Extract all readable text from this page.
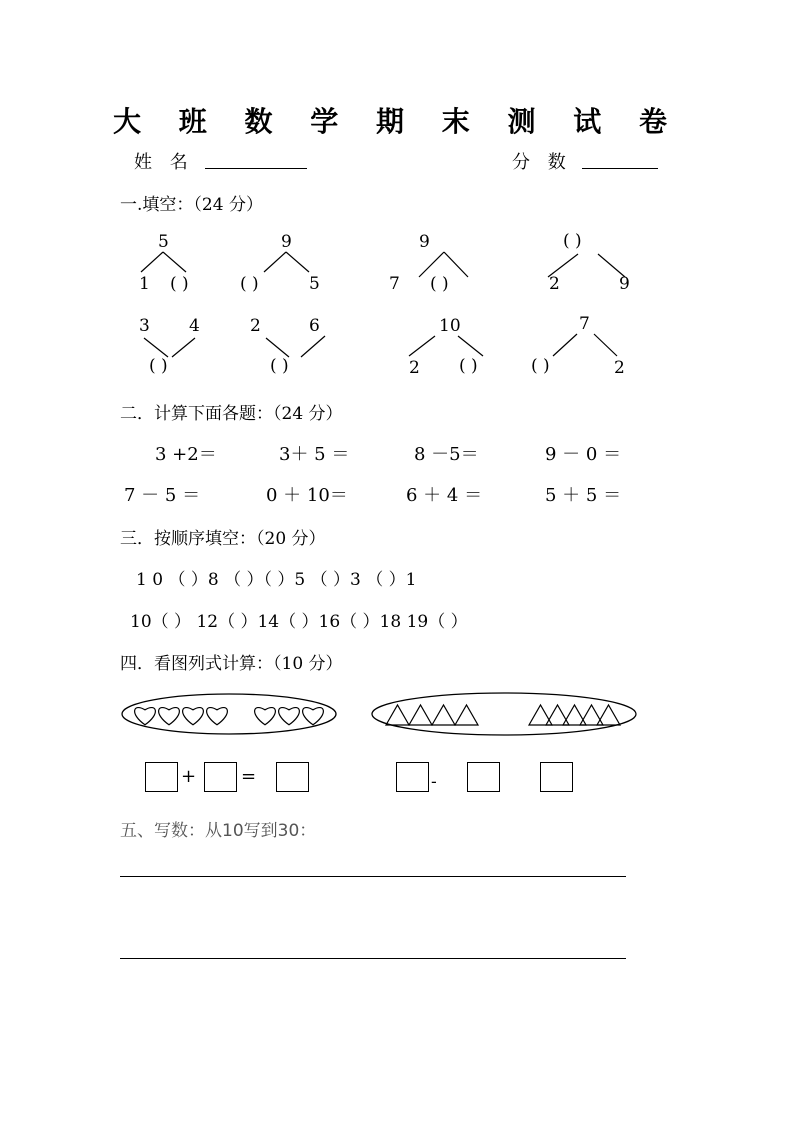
大 班 数 学 期 末 测 试 卷
姓 名	分 数
一.填空：（24 分）
5
1 ( )
9
( )	5
9
7 ( )
( )
2	9
3 4
( )
2	6
( )
10
2 ( )
7
( )	2
二．计算下面各题：（24 分）
3 +2＝	3＋ 5 ＝	8 －5＝	9 － 0 ＝
7 － 5 ＝	0 ＋ 10＝	6 ＋ 4 ＝	5 ＋ 5 ＝
三．按顺序填空：（20 分）
1 0 （ ）8 （ ）（ ）5 （ ）3 （ ）1
10（ ） 12（ ）14（ ）16（ ）18 19（ ）
四．看图列式计算：（10 分）
+ =	-
五、写数：从10写到30：
